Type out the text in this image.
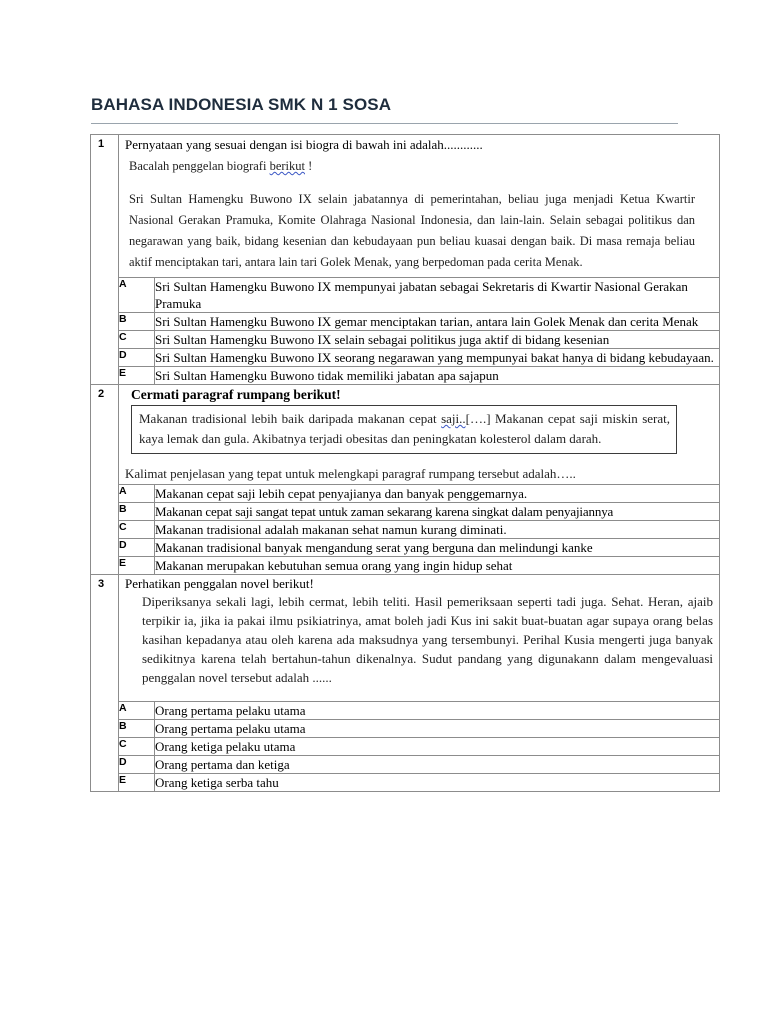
BAHASA INDONESIA SMK N 1 SOSA
1	Pernyataan yang sesuai dengan isi biogra di bawah ini adalah............

Bacalah penggelan biografi berikut !

Sri Sultan Hamengku Buwono IX selain jabatannya di pemerintahan, beliau juga menjadi Ketua Kwartir Nasional Gerakan Pramuka, Komite Olahraga Nasional Indonesia, dan lain-lain. Selain sebagai politikus dan negarawan yang baik, bidang kesenian dan kebudayaan pun beliau kuasai dengan baik. Di masa remaja beliau aktif menciptakan tari, antara lain tari Golek Menak, yang berpedoman pada cerita Menak.	

	A	Sri Sultan Hamengku Buwono IX mempunyai jabatan sebagai Sekretaris di Kwartir Nasional Gerakan Pramuka
	B	Sri Sultan Hamengku Buwono IX gemar menciptakan tarian, antara lain Golek Menak dan cerita Menak
	C	Sri Sultan Hamengku Buwono IX selain sebagai politikus juga aktif di bidang kesenian
	D	Sri Sultan Hamengku Buwono IX seorang negarawan yang mempunyai bakat hanya di bidang kebudayaan.
	E	Sri Sultan Hamengku Buwono tidak memiliki jabatan apa sajapun
2	Cermati paragraf rumpang berikut!
Makanan tradisional lebih baik daripada makanan cepat saji..[….] Makanan cepat saji miskin serat, kaya lemak dan gula. Akibatnya terjadi obesitas dan peningkatan kolesterol dalam darah.
Kalimat penjelasan yang tepat untuk melengkapi paragraf rumpang tersebut adalah…..	

	A	Makanan cepat saji lebih cepat penyajianya dan banyak penggemarnya.
	B	Makanan cepat saji sangat tepat untuk zaman sekarang karena singkat dalam penyajiannya
	C	Makanan tradisional adalah makanan sehat namun kurang diminati.
	D	Makanan tradisional banyak mengandung serat yang berguna dan melindungi kanke
	E	Makanan merupakan kebutuhan semua orang yang ingin hidup sehat
3	Perhatikan penggalan novel berikut!
Diperiksanya sekali lagi, lebih cermat, lebih teliti. Hasil pemeriksaan seperti tadi juga. Sehat. Heran, ajaib terpikir ia, jika ia pakai ilmu psikiatrinya, amat boleh jadi Kus ini sakit buat-buatan agar supaya orang belas kasihan kepadanya atau oleh karena ada maksudnya yang tersembunyi. Perihal Kusia mengerti juga banyak sedikitnya karena telah bertahun-tahun dikenalnya. Sudut pandang yang digunakann dalam mengevaluasi penggalan novel tersebut adalah ......	

	A	Orang pertama pelaku utama
	B	Orang pertama pelaku utama
	C	Orang ketiga pelaku utama
	D	Orang pertama dan ketiga
	E	Orang ketiga serba tahu
